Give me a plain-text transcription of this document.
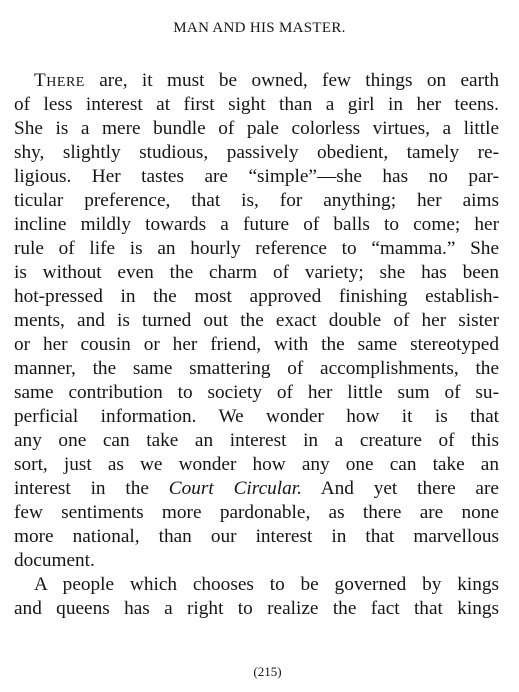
MAN AND HIS MASTER.
There are, it must be owned, few things on earth
of less interest at first sight than a girl in her teens.
She is a mere bundle of pale colorless virtues, a little
shy, slightly studious, passively obedient, tamely re-
ligious. Her tastes are “simple”—she has no par-
ticular preference, that is, for anything; her aims
incline mildly towards a future of balls to come; her
rule of life is an hourly reference to “mamma.” She
is without even the charm of variety; she has been
hot-pressed in the most approved finishing establish-
ments, and is turned out the exact double of her sister
or her cousin or her friend, with the same stereotyped
manner, the same smattering of accomplishments, the
same contribution to society of her little sum of su-
perficial information. We wonder how it is that
any one can take an interest in a creature of this
sort, just as we wonder how any one can take an
interest in the Court Circular. And yet there are
few sentiments more pardonable, as there are none
more national, than our interest in that marvellous
document.
A people which chooses to be governed by kings
and queens has a right to realize the fact that kings
(215)
